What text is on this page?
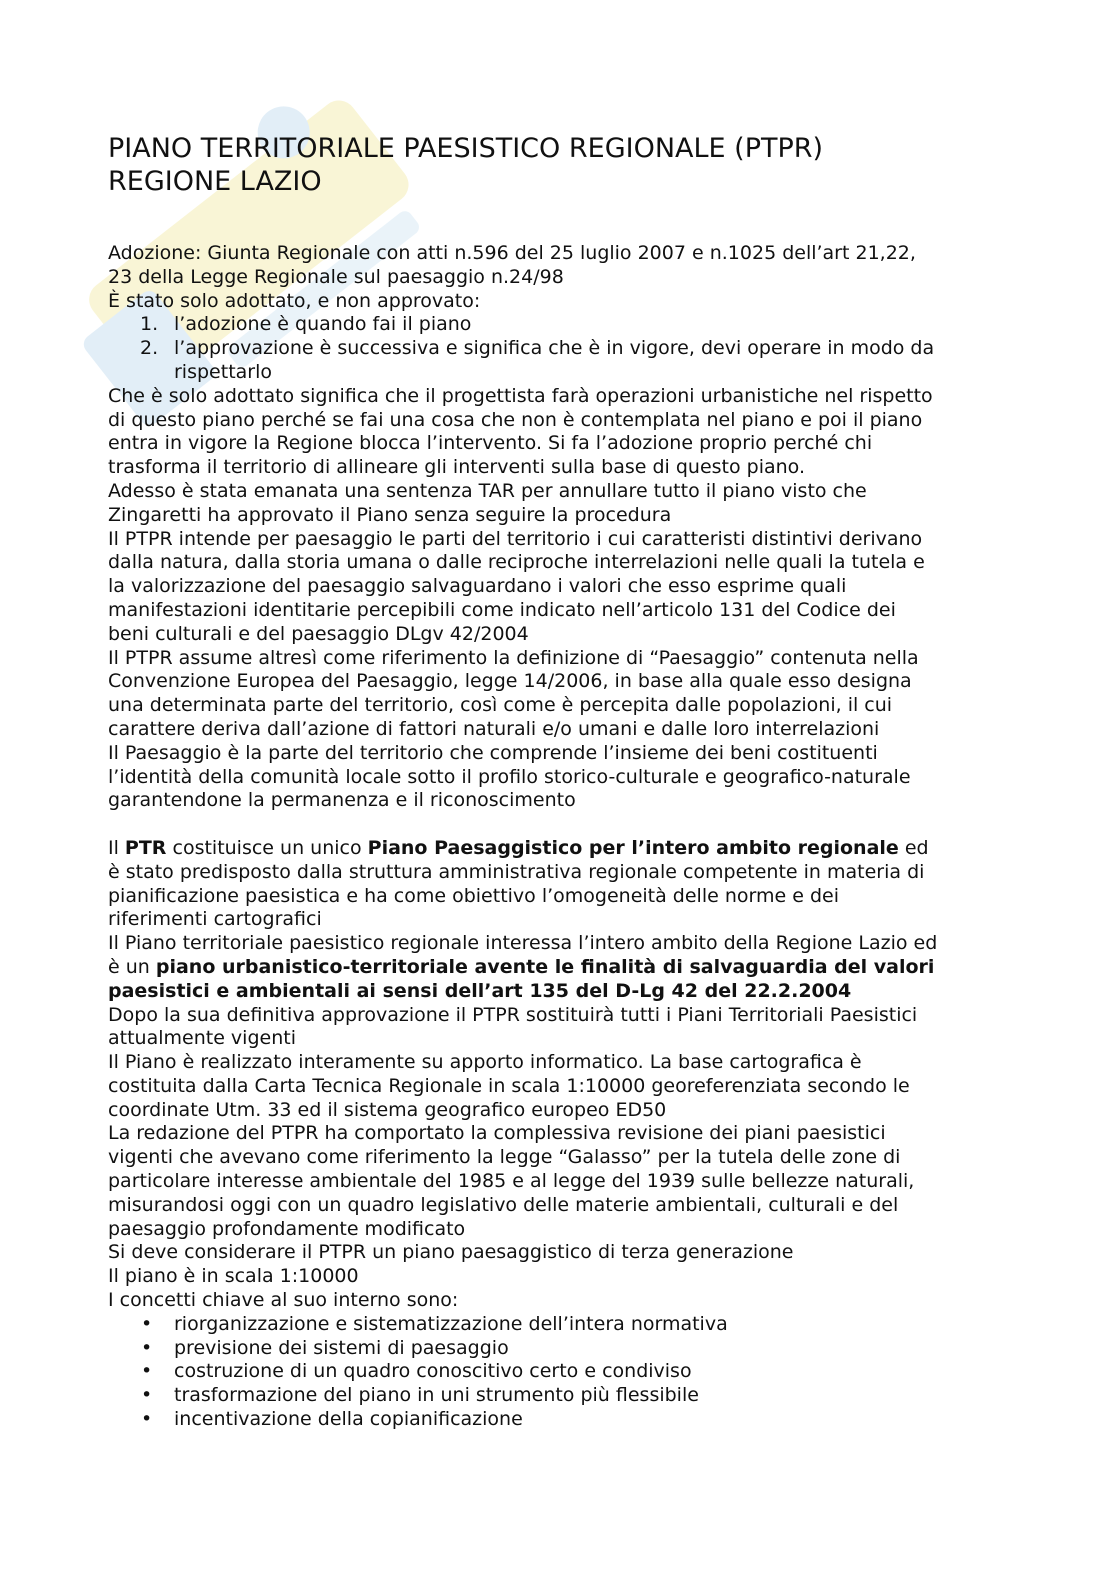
PIANO TERRITORIALE PAESISTICO REGIONALE (PTPR)
REGIONE LAZIO

Adozione: Giunta Regionale con atti n.596 del 25 luglio 2007 e n.1025 dell’art 21,22,
23 della Legge Regionale sul paesaggio n.24/98
È stato solo adottato, e non approvato:

1. l’adozione è quando fai il piano
2. l’approvazione è successiva e significa che è in vigore, devi operare in modo da
rispettarlo

Che è solo adottato significa che il progettista farà operazioni urbanistiche nel rispetto
di questo piano perché se fai una cosa che non è contemplata nel piano e poi il piano
entra in vigore la Regione blocca l’intervento. Si fa l’adozione proprio perché chi
trasforma il territorio di allineare gli interventi sulla base di questo piano.
Adesso è stata emanata una sentenza TAR per annullare tutto il piano visto che
Zingaretti ha approvato il Piano senza seguire la procedura
Il PTPR intende per paesaggio le parti del territorio i cui caratteristi distintivi derivano
dalla natura, dalla storia umana o dalle reciproche interrelazioni nelle quali la tutela e
la valorizzazione del paesaggio salvaguardano i valori che esso esprime quali
manifestazioni identitarie percepibili come indicato nell’articolo 131 del Codice dei
beni culturali e del paesaggio DLgv 42/2004
Il PTPR assume altresì come riferimento la definizione di “Paesaggio” contenuta nella
Convenzione Europea del Paesaggio, legge 14/2006, in base alla quale esso designa
una determinata parte del territorio, così come è percepita dalle popolazioni, il cui
carattere deriva dall’azione di fattori naturali e/o umani e dalle loro interrelazioni
Il Paesaggio è la parte del territorio che comprende l’insieme dei beni costituenti
l’identità della comunità locale sotto il profilo storico-culturale e geografico-naturale
garantendone la permanenza e il riconoscimento

Il PTR costituisce un unico Piano Paesaggistico per l’intero ambito regionale ed
è stato predisposto dalla struttura amministrativa regionale competente in materia di
pianificazione paesistica e ha come obiettivo l’omogeneità delle norme e dei
riferimenti cartografici
Il Piano territoriale paesistico regionale interessa l’intero ambito della Regione Lazio ed
è un piano urbanistico-territoriale avente le finalità di salvaguardia del valori
paesistici e ambientali ai sensi dell’art 135 del D-Lg 42 del 22.2.2004

Dopo la sua definitiva approvazione il PTPR sostituirà tutti i Piani Territoriali Paesistici
attualmente vigenti
Il Piano è realizzato interamente su apporto informatico. La base cartografica è
costituita dalla Carta Tecnica Regionale in scala 1:10000 georeferenziata secondo le
coordinate Utm. 33 ed il sistema geografico europeo ED50
La redazione del PTPR ha comportato la complessiva revisione dei piani paesistici
vigenti che avevano come riferimento la legge “Galasso” per la tutela delle zone di
particolare interesse ambientale del 1985 e al legge del 1939 sulle bellezze naturali,
misurandosi oggi con un quadro legislativo delle materie ambientali, culturali e del
paesaggio profondamente modificato
Si deve considerare il PTPR un piano paesaggistico di terza generazione
Il piano è in scala 1:10000
I concetti chiave al suo interno sono:

• riorganizzazione e sistematizzazione dell’intera normativa
• previsione dei sistemi di paesaggio
• costruzione di un quadro conoscitivo certo e condiviso
• trasformazione del piano in uni strumento più flessibile
• incentivazione della copianificazione
